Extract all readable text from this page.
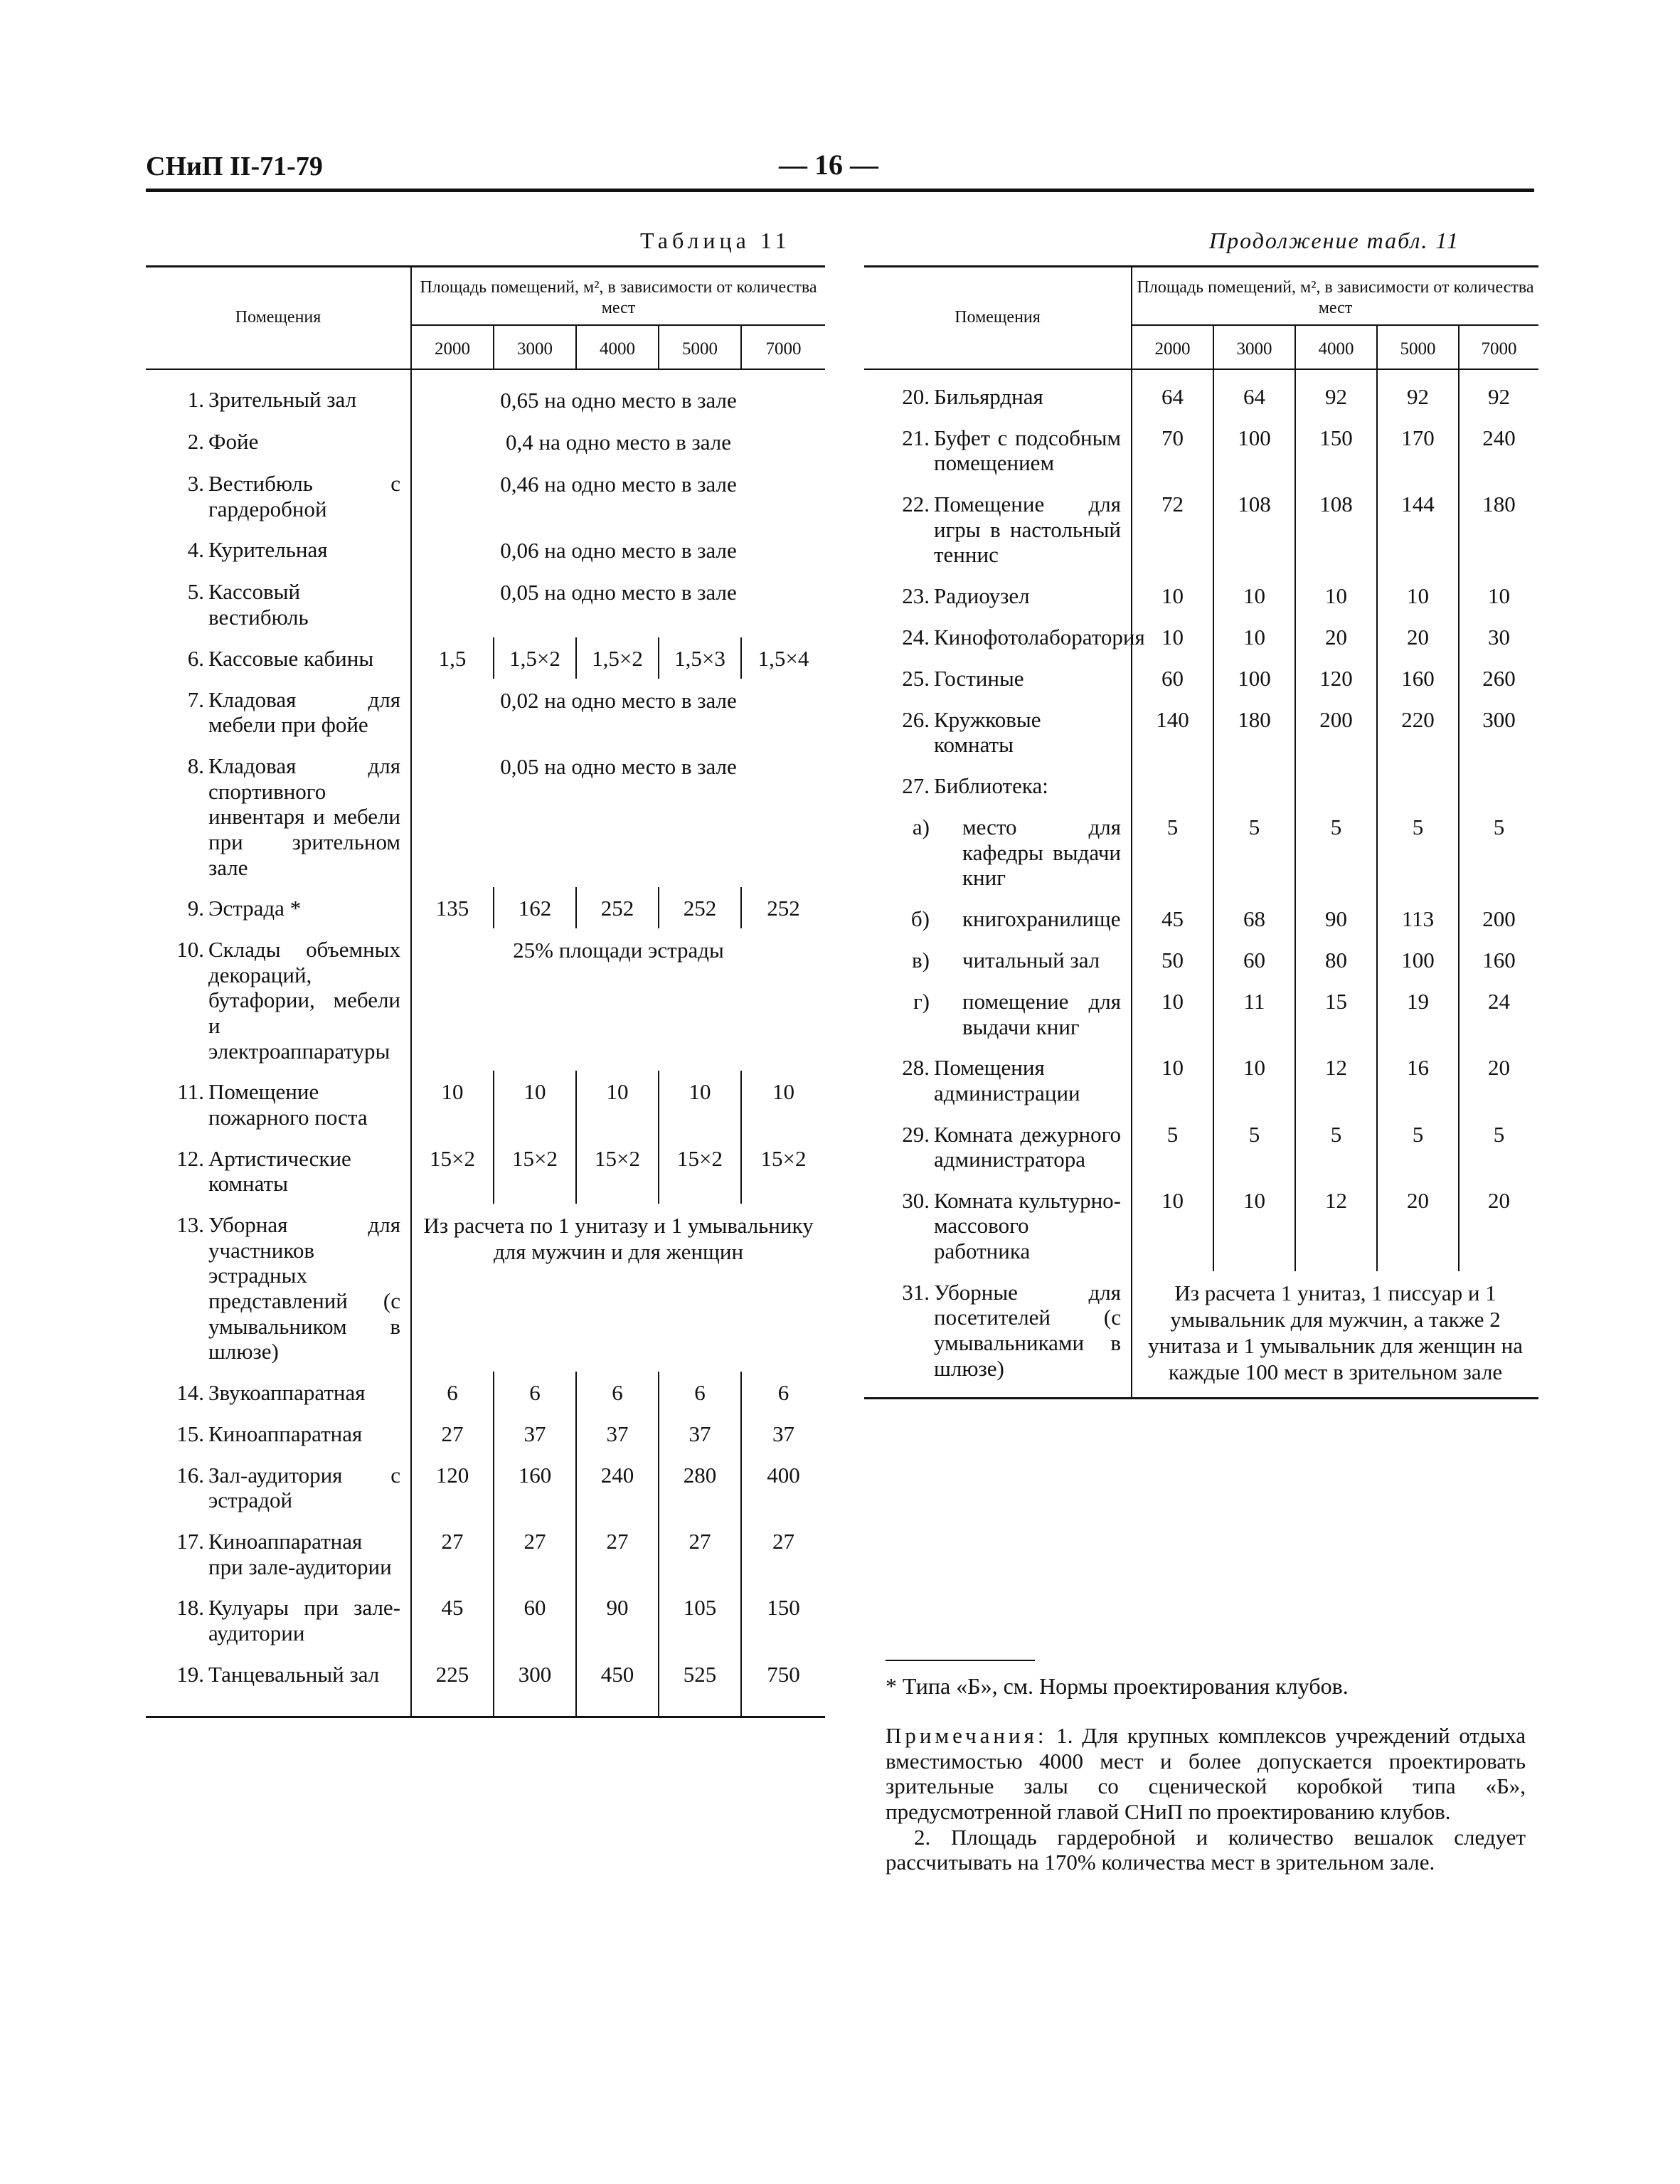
СНиП II-71-79	— 16 —
Таблица 11	Продолжение табл. 11
Помещения		Площадь помещений, м², в зависимости от количества мест				
		2000	3000	4000	5000	7000
1.	Зрительный зал	0,65 на одно место в зале				
2.	Фойе	0,4 на одно место в зале				
3.	Вестибюль с гардеробной	0,46 на одно место в зале				
4.	Курительная	0,06 на одно место в зале				
5.	Кассовый вестибюль	0,05 на одно место в зале				
6.	Кассовые кабины	1,5	1,5×2	1,5×2	1,5×3	1,5×4
7.	Кладовая для мебели при фойе	0,02 на одно место в зале				
8.	Кладовая для спортивного инвентаря и мебели при зрительном зале	0,05 на одно место в зале				
9.	Эстрада *	135	162	252	252	252
10.	Склады объемных декораций, бутафории, мебели и электроаппаратуры	25% площади эстрады				
11.	Помещение пожарного поста	10	10	10	10	10
12.	Артистические комнаты	15×2	15×2	15×2	15×2	15×2
13.	Уборная для участников эстрадных представлений (с умывальником в шлюзе)	Из расчета по 1 унитазу и 1 умывальнику для мужчин и для женщин				
14.	Звукоаппаратная	6	6	6	6	6
15.	Киноаппаратная	27	37	37	37	37
16.	Зал-аудитория с эстрадой	120	160	240	280	400
17.	Киноаппаратная при зале-аудитории	27	27	27	27	27
18.	Кулуары при зале-аудитории	45	60	90	105	150
19.	Танцевальный зал	225	300	450	525	750
Помещения		Площадь помещений, м², в зависимости от количества мест				
		2000	3000	4000	5000	7000
20.	Бильярдная	64	64	92	92	92
21.	Буфет с подсобным помещением	70	100	150	170	240
22.	Помещение для игры в настольный теннис	72	108	108	144	180
23.	Радиоузел	10	10	10	10	10
24.	Кинофотолаборатория	10	10	20	20	30
25.	Гостиные	60	100	120	160	260
26.	Кружковые комнаты	140	180	200	220	300
27.	Библиотека:					

а)	место для кафедры выдачи книг	5	5	5	5	5
б)	книгохранилище	45	68	90	113	200
в)	читальный зал	50	60	80	100	160
г)	помещение для выдачи книг	10	11	15	19	24
28.	Помещения администрации	10	10	12	16	20
29.	Комната дежурного администратора	5	5	5	5	5
30.	Комната культурно-массового работника	10	10	12	20	20
31.	Уборные для посетителей (с умывальниками в шлюзе)	Из расчета 1 унитаз, 1 писсуар и 1 умывальник для мужчин, а также 2 унитаза и 1 умывальник для женщин на каждые 100 мест в зрительном зале				
* Типа «Б», см. Нормы проектирования клубов.

Примечания: 1. Для крупных комплексов учреждений отдыха вместимостью 4000 мест и более допускается проектировать зрительные залы со сценической коробкой типа «Б», предусмотренной главой СНиП по проектированию клубов.

2. Площадь гардеробной и количество вешалок следует рассчитывать на 170% количества мест в зрительном зале.
